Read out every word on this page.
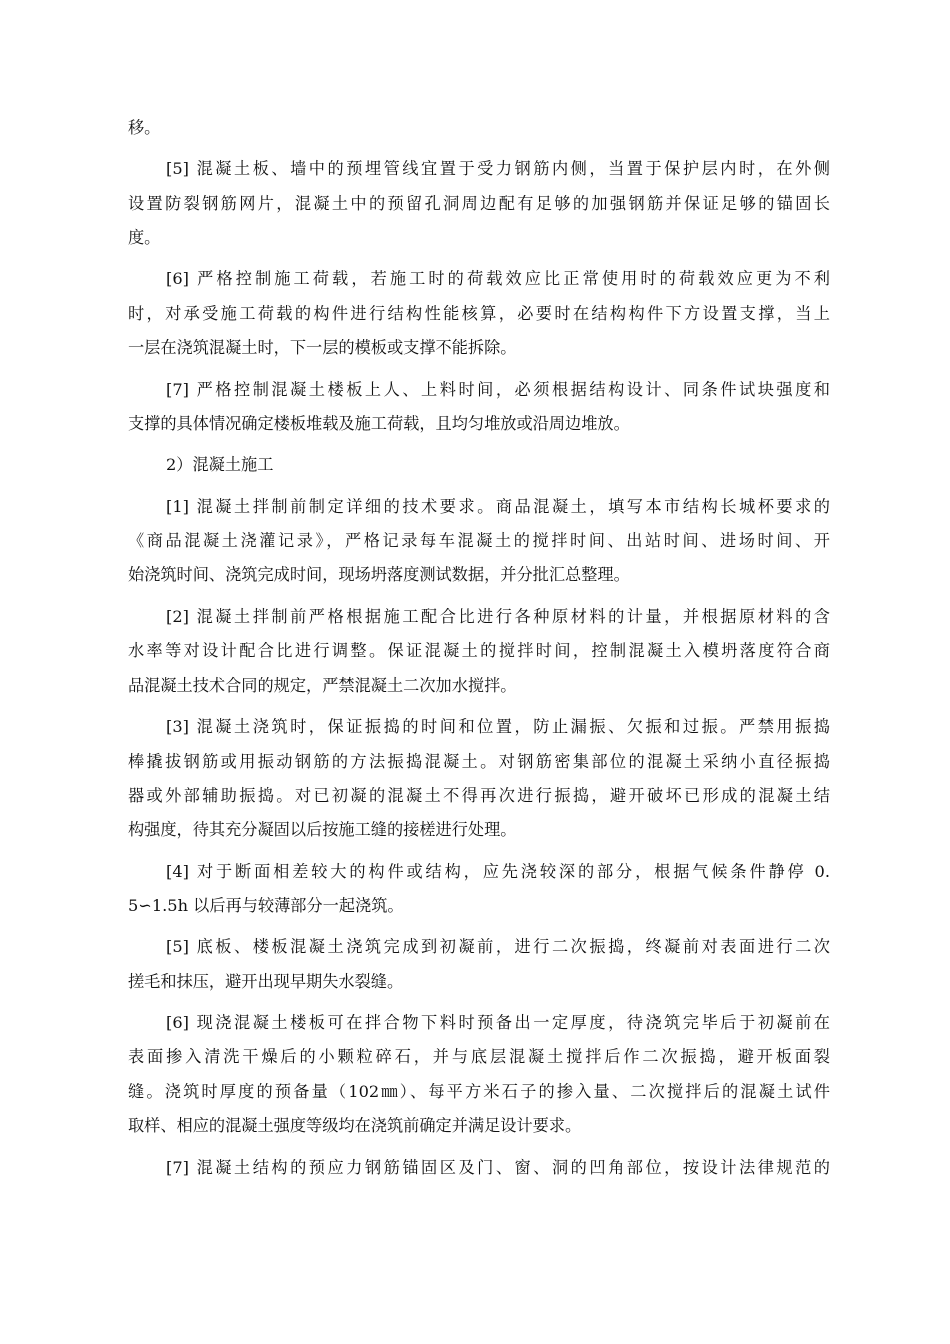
移。
[5] 混凝土板、墙中的预埋管线宜置于受力钢筋内侧，当置于保护层内时，在外侧
设置防裂钢筋网片，混凝土中的预留孔洞周边配有足够的加强钢筋并保证足够的锚固长
度。
[6] 严格控制施工荷载，若施工时的荷载效应比正常使用时的荷载效应更为不利
时，对承受施工荷载的构件进行结构性能核算，必要时在结构构件下方设置支撑，当上
一层在浇筑混凝土时，下一层的模板或支撑不能拆除。
[7] 严格控制混凝土楼板上人、上料时间，必须根据结构设计、同条件试块强度和
支撑的具体情况确定楼板堆载及施工荷载，且均匀堆放或沿周边堆放。
2）混凝土施工
[1] 混凝土拌制前制定详细的技术要求。商品混凝土，填写本市结构长城杯要求的
《商品混凝土浇灌记录》，严格记录每车混凝土的搅拌时间、出站时间、进场时间、开
始浇筑时间、浇筑完成时间，现场坍落度测试数据，并分批汇总整理。
[2] 混凝土拌制前严格根据施工配合比进行各种原材料的计量，并根据原材料的含
水率等对设计配合比进行调整。保证混凝土的搅拌时间，控制混凝土入模坍落度符合商
品混凝土技术合同的规定，严禁混凝土二次加水搅拌。
[3] 混凝土浇筑时，保证振捣的时间和位置，防止漏振、欠振和过振。严禁用振捣
棒撬拔钢筋或用振动钢筋的方法振捣混凝土。对钢筋密集部位的混凝土采纳小直径振捣
器或外部辅助振捣。对已初凝的混凝土不得再次进行振捣，避开破坏已形成的混凝土结
构强度，待其充分凝固以后按施工缝的接槎进行处理。
[4] 对于断面相差较大的构件或结构，应先浇较深的部分，根据气候条件静停 0.
5∽1.5h 以后再与较薄部分一起浇筑。
[5] 底板、楼板混凝土浇筑完成到初凝前，进行二次振捣，终凝前对表面进行二次
搓毛和抹压，避开出现早期失水裂缝。
[6] 现浇混凝土楼板可在拌合物下料时预备出一定厚度，待浇筑完毕后于初凝前在
表面掺入清洗干燥后的小颗粒碎石，并与底层混凝土搅拌后作二次振捣，避开板面裂
缝。浇筑时厚度的预备量（102㎜）、每平方米石子的掺入量、二次搅拌后的混凝土试件
取样、相应的混凝土强度等级均在浇筑前确定并满足设计要求。
[7] 混凝土结构的预应力钢筋锚固区及门、窗、洞的凹角部位，按设计法律规范的
